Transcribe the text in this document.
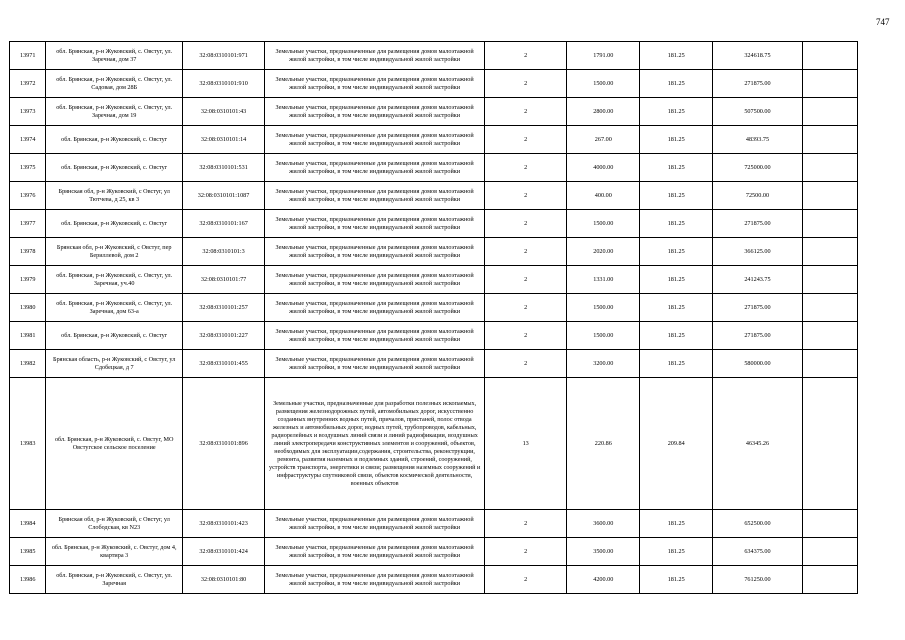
747
13971	обл. Брянская, р-н Жуковский, с. Овстуг, ул. Заречная, дом 37	32:08:0310101:971	Земельные участки, предназначенные для размещения домов малоэтажной жилой застройки, в том числе индивидуальной жилой застройки	2	1791.00	181.25	324618.75	
13972	обл. Брянская, р-н Жуковский, с. Овстуг, ул. Садовая, дом 28Б	32:08:0310101:910	Земельные участки, предназначенные для размещения домов малоэтажной жилой застройки, в том числе индивидуальной жилой застройки	2	1500.00	181.25	271875.00	
13973	обл. Брянская, р-н Жуковский, с. Овстуг, ул. Заречная, дом 19	32:08:0310101:43	Земельные участки, предназначенные для размещения домов малоэтажной жилой застройки, в том числе индивидуальной жилой застройки	2	2800.00	181.25	507500.00	
13974	обл. Брянская, р-н Жуковский, с. Овстуг	32:08:0310101:14	Земельные участки, предназначенные для размещения домов малоэтажной жилой застройки, в том числе индивидуальной жилой застройки	2	267.00	181.25	48393.75	
13975	обл. Брянская, р-н Жуковский, с. Овстуг	32:08:0310101:531	Земельные участки, предназначенные для размещения домов малоэтажной жилой застройки, в том числе индивидуальной жилой застройки	2	4000.00	181.25	725000.00	
13976	Брянская обл, р-н Жуковский, с Овстуг, ул Тютчева, д 25, кв 3	32:08:0310101:1087	Земельные участки, предназначенные для размещения домов малоэтажной жилой застройки, в том числе индивидуальной жилой застройки	2	400.00	181.25	72500.00	
13977	обл. Брянская, р-н Жуковский, с. Овстуг	32:08:0310101:167	Земельные участки, предназначенные для размещения домов малоэтажной жилой застройки, в том числе индивидуальной жилой застройки	2	1500.00	181.25	271875.00	
13978	Брянская обл, р-н Жуковский, с Овстуг, пер Бериллевой, дом 2	32:08:0310101:3	Земельные участки, предназначенные для размещения домов малоэтажной жилой застройки, в том числе индивидуальной жилой застройки	2	2020.00	181.25	366125.00	
13979	обл. Брянская, р-н Жуковский, с. Овстуг, ул. Заречная, уч.40	32:08:0310101:77	Земельные участки, предназначенные для размещения домов малоэтажной жилой застройки, в том числе индивидуальной жилой застройки	2	1331.00	181.25	241243.75	
13980	обл. Брянская, р-н Жуковский, с. Овстуг, ул. Заречная, дом 63-а	32:08:0310101:257	Земельные участки, предназначенные для размещения домов малоэтажной жилой застройки, в том числе индивидуальной жилой застройки	2	1500.00	181.25	271875.00	
13981	обл. Брянская, р-н Жуковский, с. Овстуг	32:08:0310101:227	Земельные участки, предназначенные для размещения домов малоэтажной жилой застройки, в том числе индивидуальной жилой застройки	2	1500.00	181.25	271875.00	
13982	Брянская область, р-н Жуковский, с Овстуг, ул Сдобецкая, д 7	32:08:0310101:455	Земельные участки, предназначенные для размещения домов малоэтажной жилой застройки, в том числе индивидуальной жилой застройки	2	3200.00	181.25	580000.00	
13983	обл. Брянская, р-н Жуковский, с. Овстуг, МО Овстугское сельское поселение	32:08:0310101:896	Земельные участки, предназначенные для разработки полезных ископаемых, размещения железнодорожных путей, автомобильных дорог, искусственно созданных внутренних водных путей, причалов, пристаней, полос отвода железных и автомобильных дорог, водных путей, трубопроводов, кабельных, радиорелейных и воздушных линий связи и линий радиофикации, воздушных линий электропередачи конструктивных элементов и сооружений, объектов, необходимых для эксплуатации,содержания, строительства, реконструкции, ремонта, развития наземных и подземных зданий, строений, сооружений, устройств транспорта, энергетики и связи; размещения наземных сооружений и инфраструктуры спутниковой связи, объектов космической деятельности, военных объектов	13	220.86	209.84	46345.26	
13984	Брянская обл, р-н Жуковский, с Овстуг, ул Слободская, кв N23	32:08:0310101:423	Земельные участки, предназначенные для размещения домов малоэтажной жилой застройки, в том числе индивидуальной жилой застройки	2	3600.00	181.25	652500.00	
13985	обл. Брянская, р-н Жуковский, с. Овстуг, дом 4, квартира 3	32:08:0310101:424	Земельные участки, предназначенные для размещения домов малоэтажной жилой застройки, в том числе индивидуальной жилой застройки	2	3500.00	181.25	634375.00	
13986	обл. Брянская, р-н Жуковский, с. Овстуг, ул. Заречная	32:08:0310101:80	Земельные участки, предназначенные для размещения домов малоэтажной жилой застройки, в том числе индивидуальной жилой застройки	2	4200.00	181.25	761250.00	
